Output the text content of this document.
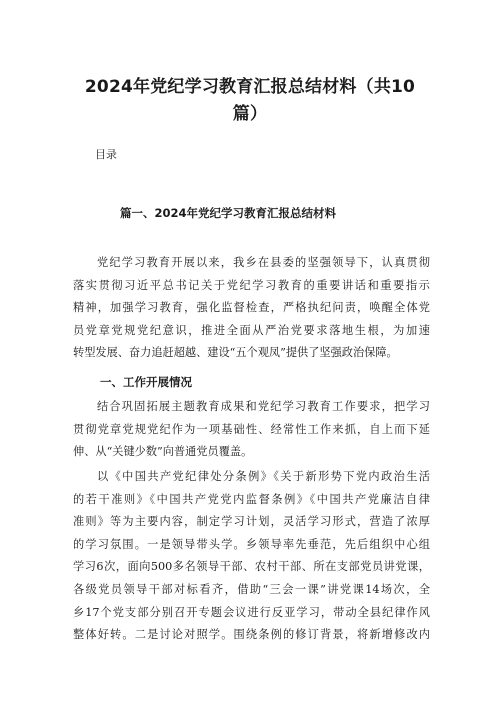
2024年党纪学习教育汇报总结材料（共10
篇）
目录
篇一、2024年党纪学习教育汇报总结材料
党纪学习教育开展以来，我乡在县委的坚强领导下，认真贯彻
落实贯彻习近平总书记关于党纪学习教育的重要讲话和重要指示
精神，加强学习教育，强化监督检查，严格执纪问责，唤醒全体党
员党章党规党纪意识，推进全面从严治党要求落地生根，为加速
转型发展、奋力追赶超越、建设“五个观凤”提供了坚强政治保障。
一、工作开展情况
结合巩固拓展主题教育成果和党纪学习教育工作要求，把学习
贯彻党章党规党纪作为一项基础性、经常性工作来抓，自上而下延
伸、从“关键少数”向普通党员覆盖。
以《中国共产党纪律处分条例》《关于新形势下党内政治生活
的若干准则》《中国共产党党内监督条例》《中国共产党廉洁自律
准则》等为主要内容，制定学习计划，灵活学习形式，营造了浓厚
的学习氛围。一是领导带头学。乡领导率先垂范，先后组织中心组
学习6次，面向500多名领导干部、农村干部、所在支部党员讲党课，
各级党员领导干部对标看齐，借助“三会一课”讲党课14场次，全
乡17个党支部分别召开专题会议进行反亚学习，带动全县纪律作风
整体好转。二是讨论对照学。围绕条例的修订背景，将新增修改内
